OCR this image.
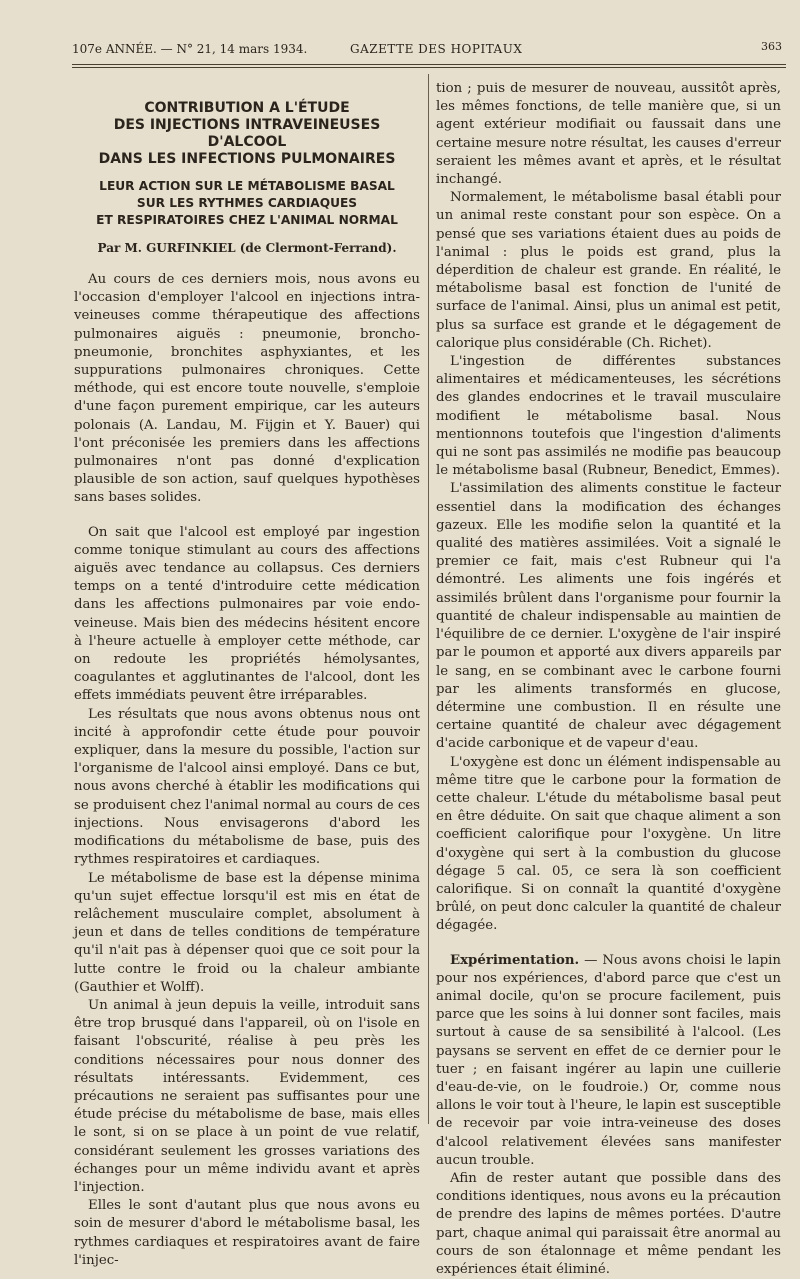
107e ANNÉE. — N° 21, 14 mars 1934.	GAZETTE DES HOPITAUX	363
CONTRIBUTION A L'ÉTUDE
DES INJECTIONS INTRAVEINEUSES D'ALCOOL
DANS LES INFECTIONS PULMONAIRES
LEUR ACTION SUR LE MÉTABOLISME BASAL
SUR LES RYTHMES CARDIAQUES
ET RESPIRATOIRES CHEZ L'ANIMAL NORMAL
Par M. GURFINKIEL (de Clermont-Ferrand).

Au cours de ces derniers mois, nous avons eu l'occasion d'employer l'alcool en injections intra-veineuses comme thérapeutique des affections pulmonaires aiguës : pneumonie, broncho-pneumonie, bronchites asphyxiantes, et les suppurations pulmonaires chroniques. Cette méthode, qui est encore toute nouvelle, s'emploie d'une façon purement empirique, car les auteurs polonais (A. Landau, M. Fijgin et Y. Bauer) qui l'ont préconisée les premiers dans les affections pulmonaires n'ont pas donné d'explication plausible de son action, sauf quelques hypothèses sans bases solides.

On sait que l'alcool est employé par ingestion comme tonique stimulant au cours des affections aiguës avec tendance au collapsus. Ces derniers temps on a tenté d'introduire cette médication dans les affections pulmonaires par voie endo-veineuse. Mais bien des médecins hésitent encore à l'heure actuelle à employer cette méthode, car on redoute les propriétés hémolysantes, coagulantes et agglutinantes de l'alcool, dont les effets immédiats peuvent être irréparables.

Les résultats que nous avons obtenus nous ont incité à approfondir cette étude pour pouvoir expliquer, dans la mesure du possible, l'action sur l'organisme de l'alcool ainsi employé. Dans ce but, nous avons cherché à établir les modifications qui se produisent chez l'animal normal au cours de ces injections. Nous envisagerons d'abord les modifications du métabolisme de base, puis des rythmes respiratoires et cardiaques.

Le métabolisme de base est la dépense minima qu'un sujet effectue lorsqu'il est mis en état de relâchement musculaire complet, absolument à jeun et dans de telles conditions de température qu'il n'ait pas à dépenser quoi que ce soit pour la lutte contre le froid ou la chaleur ambiante (Gauthier et Wolff).

Un animal à jeun depuis la veille, introduit sans être trop brusqué dans l'appareil, où on l'isole en faisant l'obscurité, réalise à peu près les conditions nécessaires pour nous donner des résultats intéressants. Evidemment, ces précautions ne seraient pas suffisantes pour une étude précise du métabolisme de base, mais elles le sont, si on se place à un point de vue relatif, considérant seulement les grosses variations des échanges pour un même individu avant et après l'injection.

Elles le sont d'autant plus que nous avons eu soin de mesurer d'abord le métabolisme basal, les rythmes cardiaques et respiratoires avant de faire l'injec-

tion ; puis de mesurer de nouveau, aussitôt après, les mêmes fonctions, de telle manière que, si un agent extérieur modifiait ou faussait dans une certaine mesure notre résultat, les causes d'erreur seraient les mêmes avant et après, et le résultat inchangé.

Normalement, le métabolisme basal établi pour un animal reste constant pour son espèce. On a pensé que ses variations étaient dues au poids de l'animal : plus le poids est grand, plus la déperdition de chaleur est grande. En réalité, le métabolisme basal est fonction de l'unité de surface de l'animal. Ainsi, plus un animal est petit, plus sa surface est grande et le dégagement de calorique plus considérable (Ch. Richet).

L'ingestion de différentes substances alimentaires et médicamenteuses, les sécrétions des glandes endocrines et le travail musculaire modifient le métabolisme basal. Nous mentionnons toutefois que l'ingestion d'aliments qui ne sont pas assimilés ne modifie pas beaucoup le métabolisme basal (Rubneur, Benedict, Emmes).

L'assimilation des aliments constitue le facteur essentiel dans la modification des échanges gazeux. Elle les modifie selon la quantité et la qualité des matières assimilées. Voit a signalé le premier ce fait, mais c'est Rubneur qui l'a démontré. Les aliments une fois ingérés et assimilés brûlent dans l'organisme pour fournir la quantité de chaleur indispensable au maintien de l'équilibre de ce dernier. L'oxygène de l'air inspiré par le poumon et apporté aux divers appareils par le sang, en se combinant avec le carbone fourni par les aliments transformés en glucose, détermine une combustion. Il en résulte une certaine quantité de chaleur avec dégagement d'acide carbonique et de vapeur d'eau.

L'oxygène est donc un élément indispensable au même titre que le carbone pour la formation de cette chaleur. L'étude du métabolisme basal peut en être déduite. On sait que chaque aliment a son coefficient calorifique pour l'oxygène. Un litre d'oxygène qui sert à la combustion du glucose dégage 5 cal. 05, ce sera là son coefficient calorifique. Si on connaît la quantité d'oxygène brûlé, on peut donc calculer la quantité de chaleur dégagée.

Expérimentation. — Nous avons choisi le lapin pour nos expériences, d'abord parce que c'est un animal docile, qu'on se procure facilement, puis parce que les soins à lui donner sont faciles, mais surtout à cause de sa sensibilité à l'alcool. (Les paysans se servent en effet de ce dernier pour le tuer ; en faisant ingérer au lapin une cuillerie d'eau-de-vie, on le foudroie.) Or, comme nous allons le voir tout à l'heure, le lapin est susceptible de recevoir par voie intra-veineuse des doses d'alcool relativement élevées sans manifester aucun trouble.

Afin de rester autant que possible dans des conditions identiques, nous avons eu la précaution de prendre des lapins de mêmes portées. D'autre part, chaque animal qui paraissait être anormal au cours de son étalonnage et même pendant les expériences était éliminé.
